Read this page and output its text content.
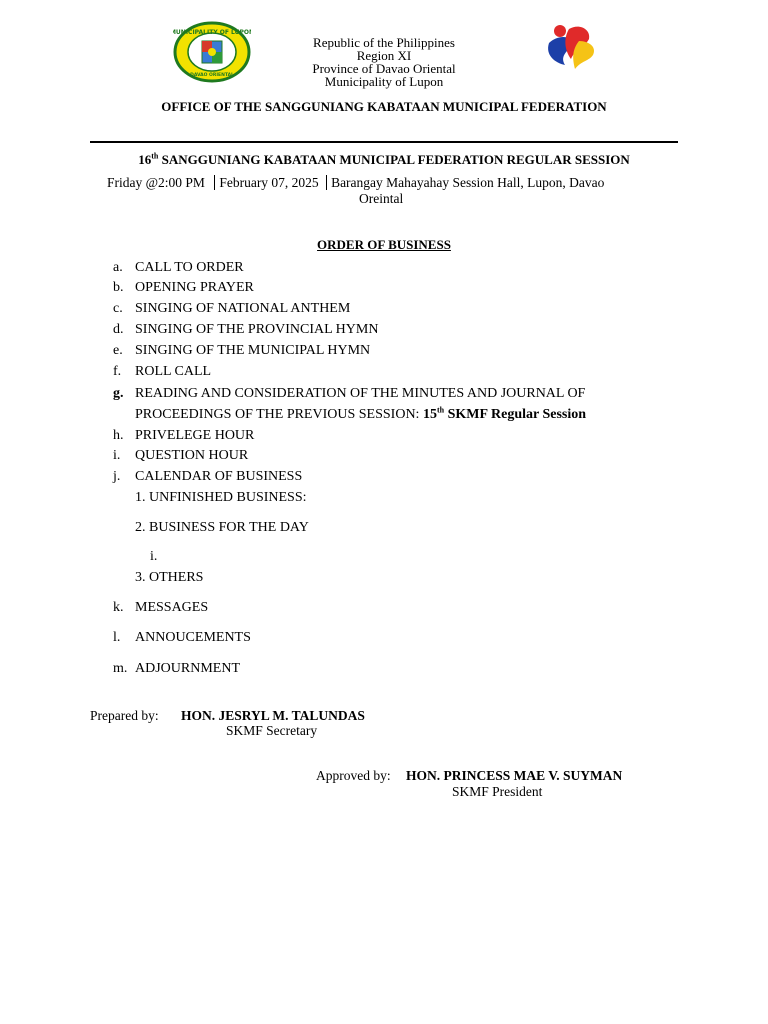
MUNICIPALITY OF LUPON
DAVAO ORIENTAL
Republic of the Philippines
Region XI
Province of Davao Oriental
Municipality of Lupon
OFFICE OF THE SANGGUNIANG KABATAAN MUNICIPAL FEDERATION
16th SANGGUNIANG KABATAAN MUNICIPAL FEDERATION REGULAR SESSION
Friday @2:00 PM February 07, 2025 Barangay Mahayahay Session Hall, Lupon, Davao
Oreintal
ORDER OF BUSINESS
a. CALL TO ORDER
b. OPENING PRAYER
c. SINGING OF NATIONAL ANTHEM
d. SINGING OF THE PROVINCIAL HYMN
e. SINGING OF THE MUNICIPAL HYMN
f. ROLL CALL
g. READING AND CONSIDERATION OF THE MINUTES AND JOURNAL OF
PROCEEDINGS OF THE PREVIOUS SESSION: 15th SKMF Regular Session
h. PRIVELEGE HOUR
i. QUESTION HOUR
j. CALENDAR OF BUSINESS
1. UNFINISHED BUSINESS:
2. BUSINESS FOR THE DAY
i.
3. OTHERS
k. MESSAGES
l. ANNOUCEMENTS
m. ADJOURNMENT
Prepared by: HON. JESRYL M. TALUNDAS
SKMF Secretary
Approved by: HON. PRINCESS MAE V. SUYMAN
SKMF President
